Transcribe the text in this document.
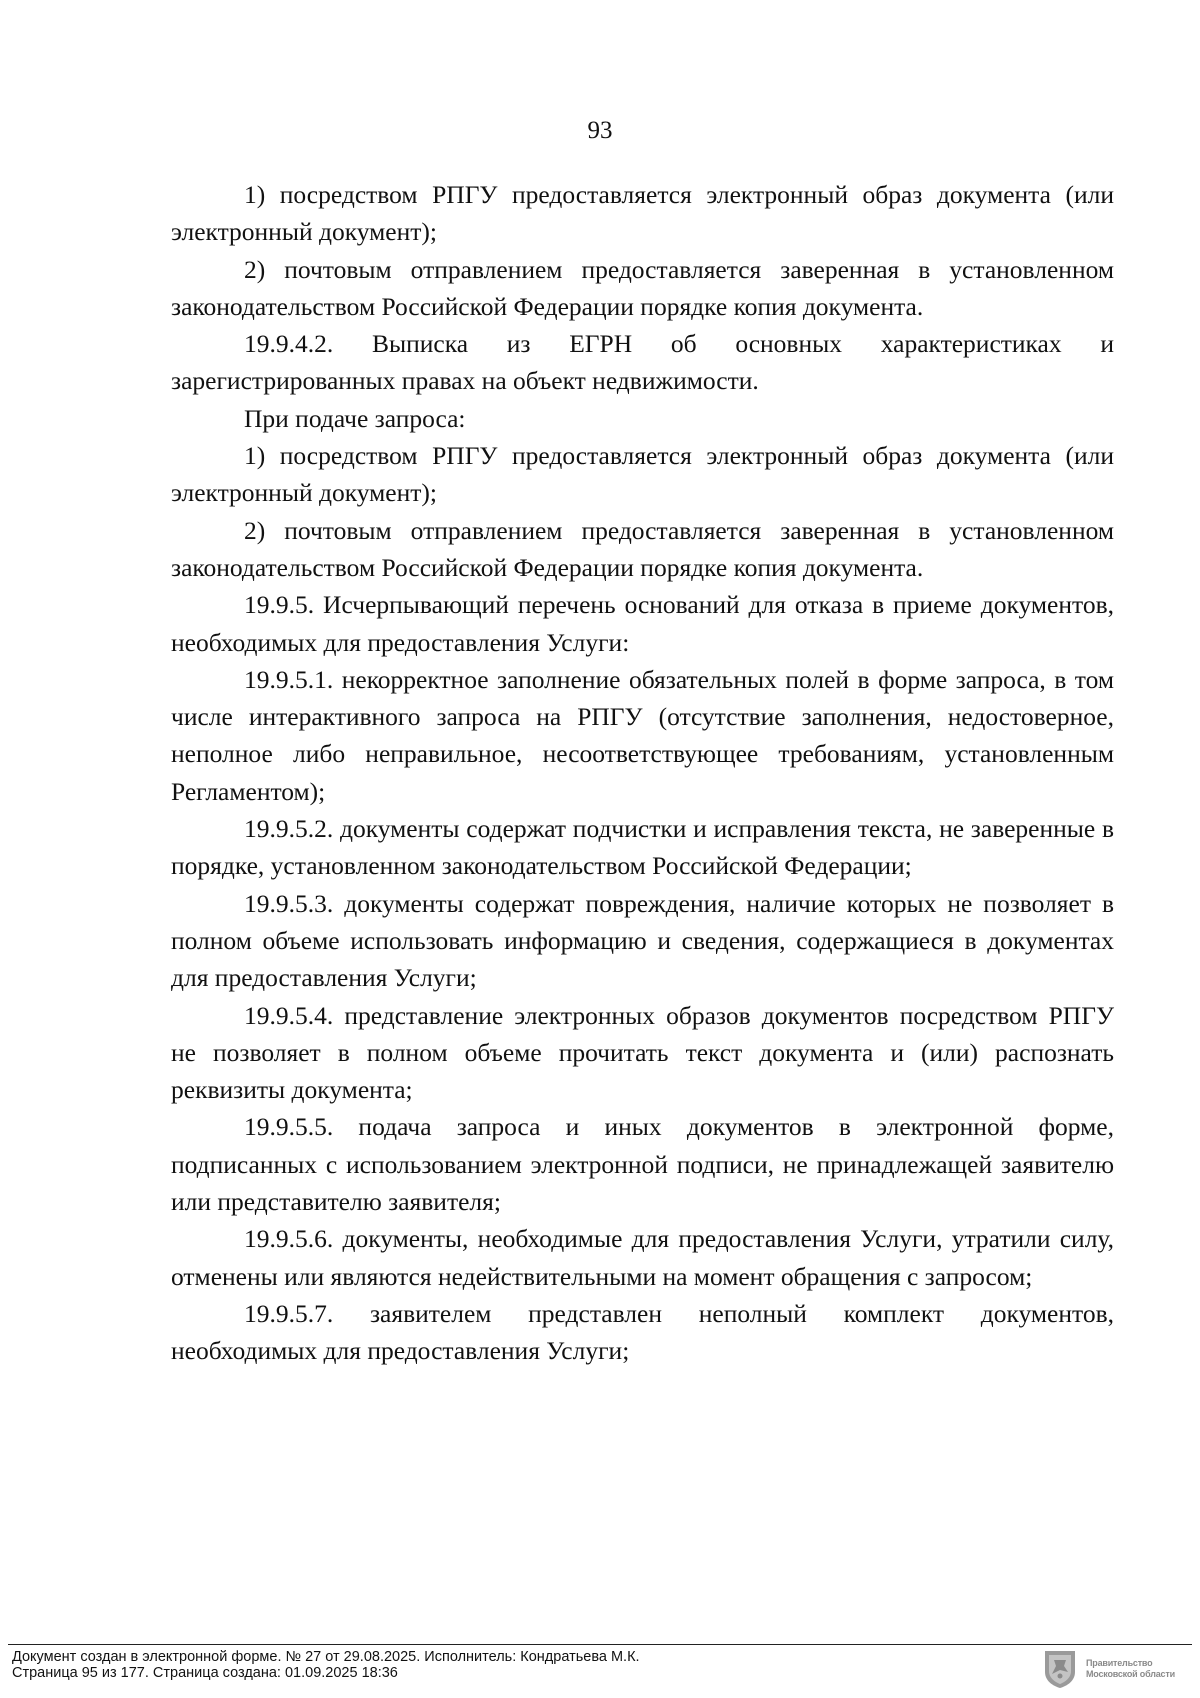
93

1) посредством РПГУ предоставляется электронный образ документа (или электронный документ);

2) почтовым отправлением предоставляется заверенная в установленном законодательством Российской Федерации порядке копия документа.

19.9.4.2. Выписка из ЕГРН об основных характеристиках и зарегистрированных правах на объект недвижимости.

При подаче запроса:

1) посредством РПГУ предоставляется электронный образ документа (или электронный документ);

2) почтовым отправлением предоставляется заверенная в установленном законодательством Российской Федерации порядке копия документа.

19.9.5. Исчерпывающий перечень оснований для отказа в приеме документов, необходимых для предоставления Услуги:

19.9.5.1. некорректное заполнение обязательных полей в форме запроса, в том числе интерактивного запроса на РПГУ (отсутствие заполнения, недостоверное, неполное либо неправильное, несоответствующее требованиям, установленным Регламентом);

19.9.5.2. документы содержат подчистки и исправления текста, не заверенные в порядке, установленном законодательством Российской Федерации;

19.9.5.3. документы содержат повреждения, наличие которых не позволяет в полном объеме использовать информацию и сведения, содержащиеся в документах для предоставления Услуги;

19.9.5.4. представление электронных образов документов посредством РПГУ не позволяет в полном объеме прочитать текст документа и (или) распознать реквизиты документа;

19.9.5.5. подача запроса и иных документов в электронной форме, подписанных с использованием электронной подписи, не принадлежащей заявителю или представителю заявителя;

19.9.5.6. документы, необходимые для предоставления Услуги, утратили силу, отменены или являются недействительными на момент обращения с запросом;

19.9.5.7. заявителем представлен неполный комплект документов, необходимых для предоставления Услуги;

Документ создан в электронной форме. № 27 от 29.08.2025. Исполнитель: Кондратьева М.К.
Страница 95 из 177. Страница создана: 01.09.2025 18:36
Правительство
Московской области
